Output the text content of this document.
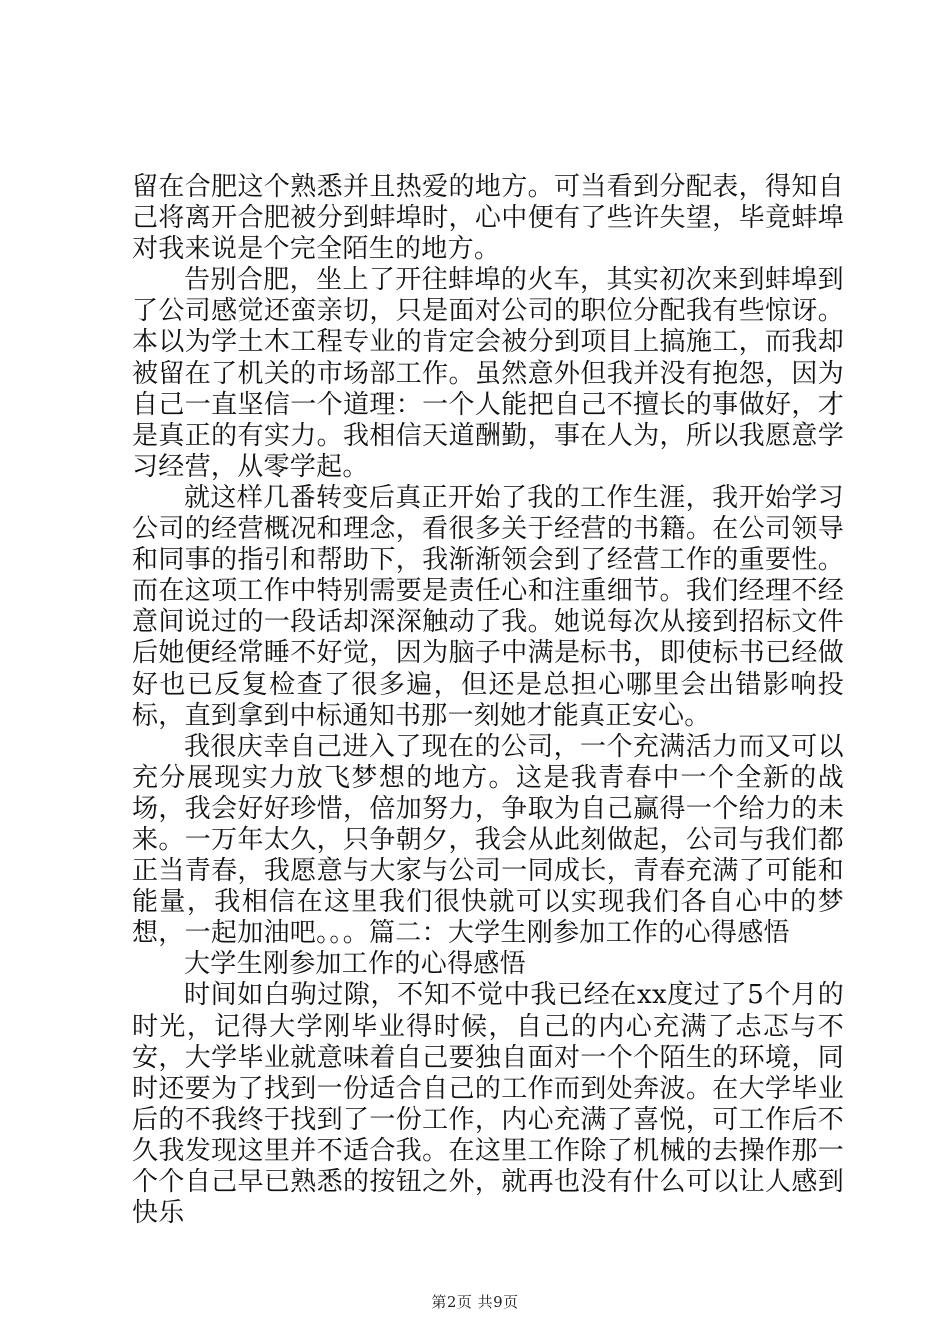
留在合肥这个熟悉并且热爱的地方。可当看到分配表，得知自己将离开合肥被分到蚌埠时，心中便有了些许失望，毕竟蚌埠对我来说是个完全陌生的地方。

告别合肥，坐上了开往蚌埠的火车，其实初次来到蚌埠到了公司感觉还蛮亲切，只是面对公司的职位分配我有些惊讶。本以为学土木工程专业的肯定会被分到项目上搞施工，而我却被留在了机关的市场部工作。虽然意外但我并没有抱怨，因为自己一直坚信一个道理：一个人能把自己不擅长的事做好，才是真正的有实力。我相信天道酬勤，事在人为，所以我愿意学习经营，从零学起。

就这样几番转变后真正开始了我的工作生涯，我开始学习公司的经营概况和理念，看很多关于经营的书籍。在公司领导和同事的指引和帮助下，我渐渐领会到了经营工作的重要性。而在这项工作中特别需要是责任心和注重细节。我们经理不经意间说过的一段话却深深触动了我。她说每次从接到招标文件后她便经常睡不好觉，因为脑子中满是标书，即使标书已经做好也已反复检查了很多遍，但还是总担心哪里会出错影响投标，直到拿到中标通知书那一刻她才能真正安心。

我很庆幸自己进入了现在的公司，一个充满活力而又可以充分展现实力放飞梦想的地方。这是我青春中一个全新的战场，我会好好珍惜，倍加努力，争取为自己赢得一个给力的未来。一万年太久，只争朝夕，我会从此刻做起，公司与我们都正当青春，我愿意与大家与公司一同成长，青春充满了可能和能量，我相信在这里我们很快就可以实现我们各自心中的梦想，一起加油吧。。。篇二：大学生刚参加工作的心得感悟

大学生刚参加工作的心得感悟

时间如白驹过隙，不知不觉中我已经在xx度过了5个月的时光，记得大学刚毕业得时候，自己的内心充满了忐忑与不安，大学毕业就意味着自己要独自面对一个个陌生的环境，同时还要为了找到一份适合自己的工作而到处奔波。在大学毕业后的不我终于找到了一份工作，内心充满了喜悦，可工作后不久我发现这里并不适合我。在这里工作除了机械的去操作那一个个自己早已熟悉的按钮之外，就再也没有什么可以让人感到快乐

第2页 共9页
